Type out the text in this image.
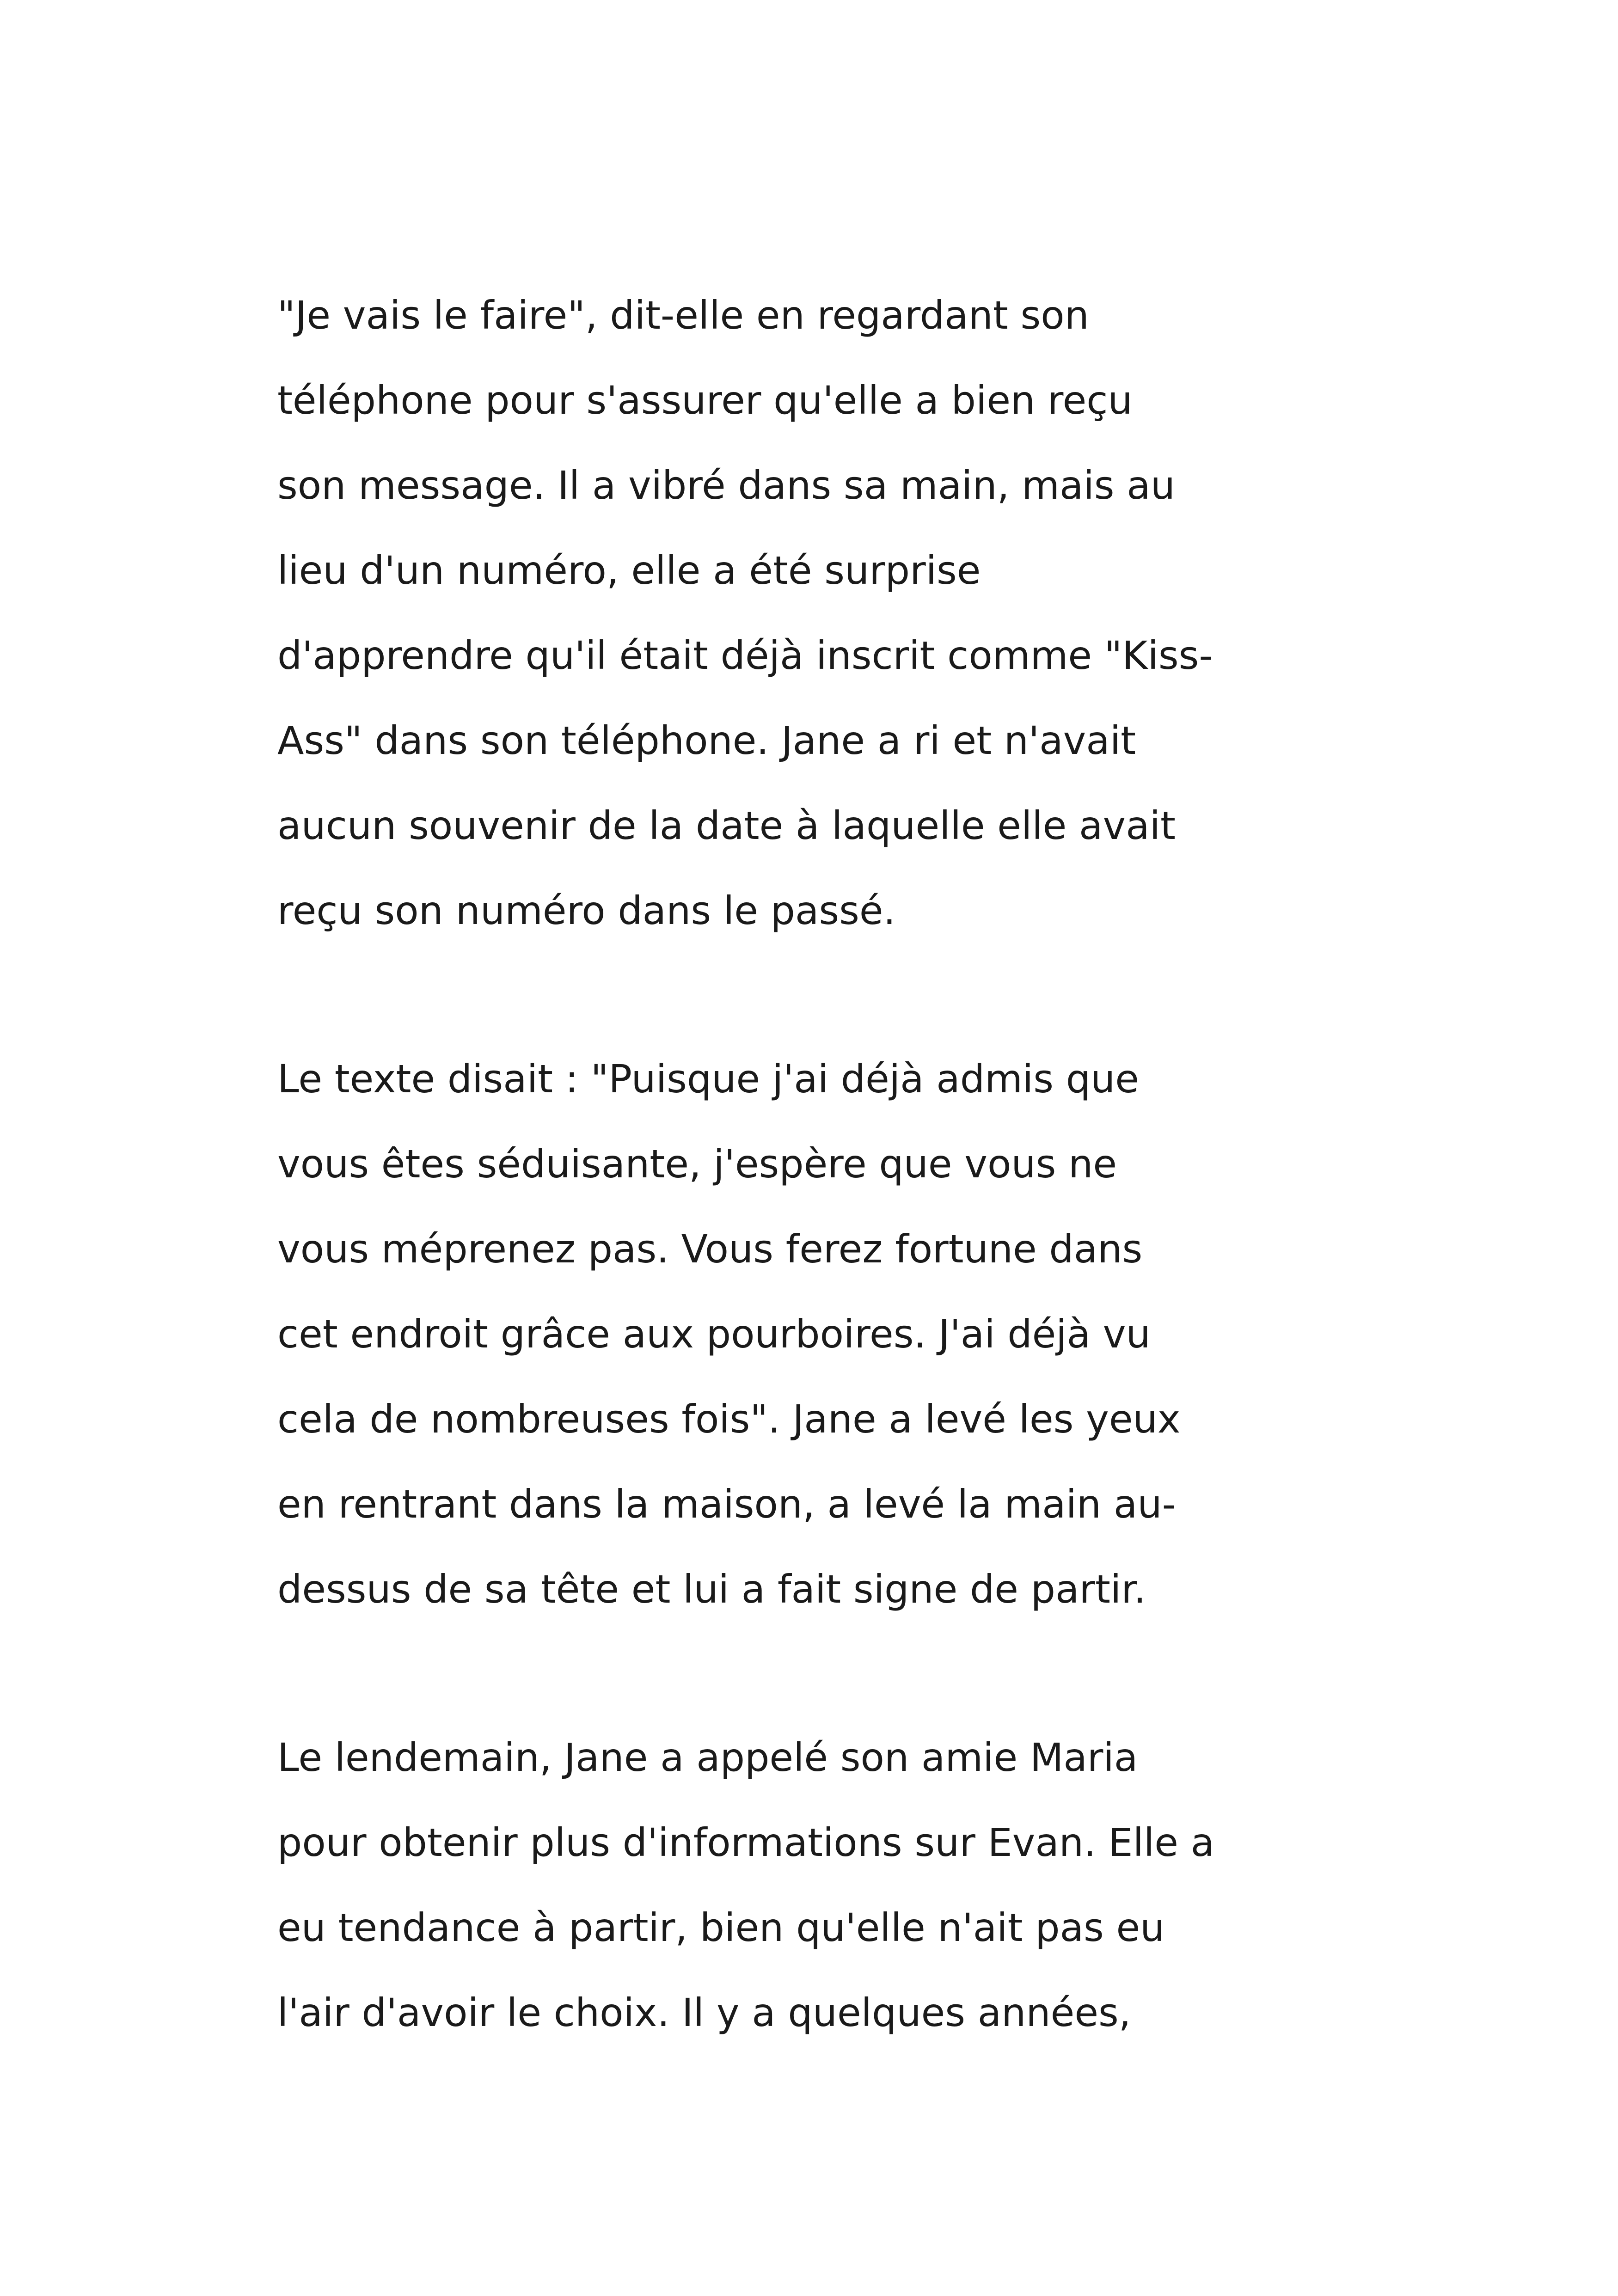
"Je vais le faire", dit-elle en regardant son
téléphone pour s'assurer qu'elle a bien reçu
son message. Il a vibré dans sa main, mais au
lieu d'un numéro, elle a été surprise
d'apprendre qu'il était déjà inscrit comme "Kiss-
Ass" dans son téléphone. Jane a ri et n'avait
aucun souvenir de la date à laquelle elle avait
reçu son numéro dans le passé.

Le texte disait : "Puisque j'ai déjà admis que
vous êtes séduisante, j'espère que vous ne
vous méprenez pas. Vous ferez fortune dans
cet endroit grâce aux pourboires. J'ai déjà vu
cela de nombreuses fois". Jane a levé les yeux
en rentrant dans la maison, a levé la main au-
dessus de sa tête et lui a fait signe de partir.

Le lendemain, Jane a appelé son amie Maria
pour obtenir plus d'informations sur Evan. Elle a
eu tendance à partir, bien qu'elle n'ait pas eu
l'air d'avoir le choix. Il y a quelques années,
